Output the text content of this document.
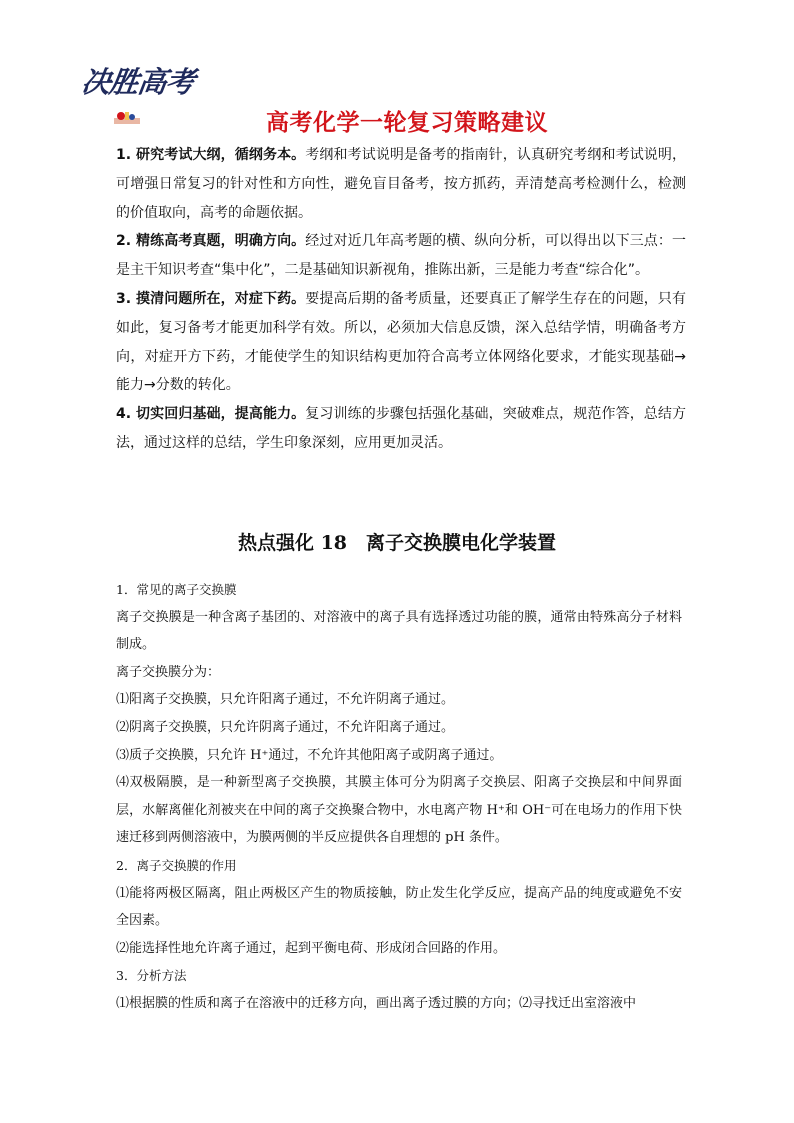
决胜高考
高考化学一轮复习策略建议

1. 研究考试大纲，循纲务本。考纲和考试说明是备考的指南针，认真研究考纲和考试说明，可增强日常复习的针对性和方向性，避免盲目备考，按方抓药，弄清楚高考检测什么，检测的价值取向，高考的命题依据。

2. 精练高考真题，明确方向。经过对近几年高考题的横、纵向分析，可以得出以下三点：一是主干知识考查“集中化”，二是基础知识新视角，推陈出新，三是能力考查“综合化”。

3. 摸清问题所在，对症下药。要提高后期的备考质量，还要真正了解学生存在的问题，只有如此，复习备考才能更加科学有效。所以，必须加大信息反馈，深入总结学情，明确备考方向，对症开方下药，才能使学生的知识结构更加符合高考立体网络化要求，才能实现基础→能力→分数的转化。

4. 切实回归基础，提高能力。复习训练的步骤包括强化基础，突破难点，规范作答，总结方法，通过这样的总结，学生印象深刻，应用更加灵活。

热点强化 18　离子交换膜电化学装置

1．常见的离子交换膜

离子交换膜是一种含离子基团的、对溶液中的离子具有选择透过功能的膜，通常由特殊高分子材料制成。

离子交换膜分为：

⑴阳离子交换膜，只允许阳离子通过，不允许阴离子通过。

⑵阴离子交换膜，只允许阴离子通过，不允许阳离子通过。

⑶质子交换膜，只允许 H⁺通过，不允许其他阳离子或阴离子通过。

⑷双极隔膜，是一种新型离子交换膜，其膜主体可分为阴离子交换层、阳离子交换层和中间界面层，水解离催化剂被夹在中间的离子交换聚合物中，水电离产物 H⁺和 OH⁻可在电场力的作用下快速迁移到两侧溶液中，为膜两侧的半反应提供各自理想的 pH 条件。

2．离子交换膜的作用

⑴能将两极区隔离，阻止两极区产生的物质接触，防止发生化学反应，提高产品的纯度或避免不安全因素。

⑵能选择性地允许离子通过，起到平衡电荷、形成闭合回路的作用。

3．分析方法

⑴根据膜的性质和离子在溶液中的迁移方向，画出离子透过膜的方向；⑵寻找迁出室溶液中
